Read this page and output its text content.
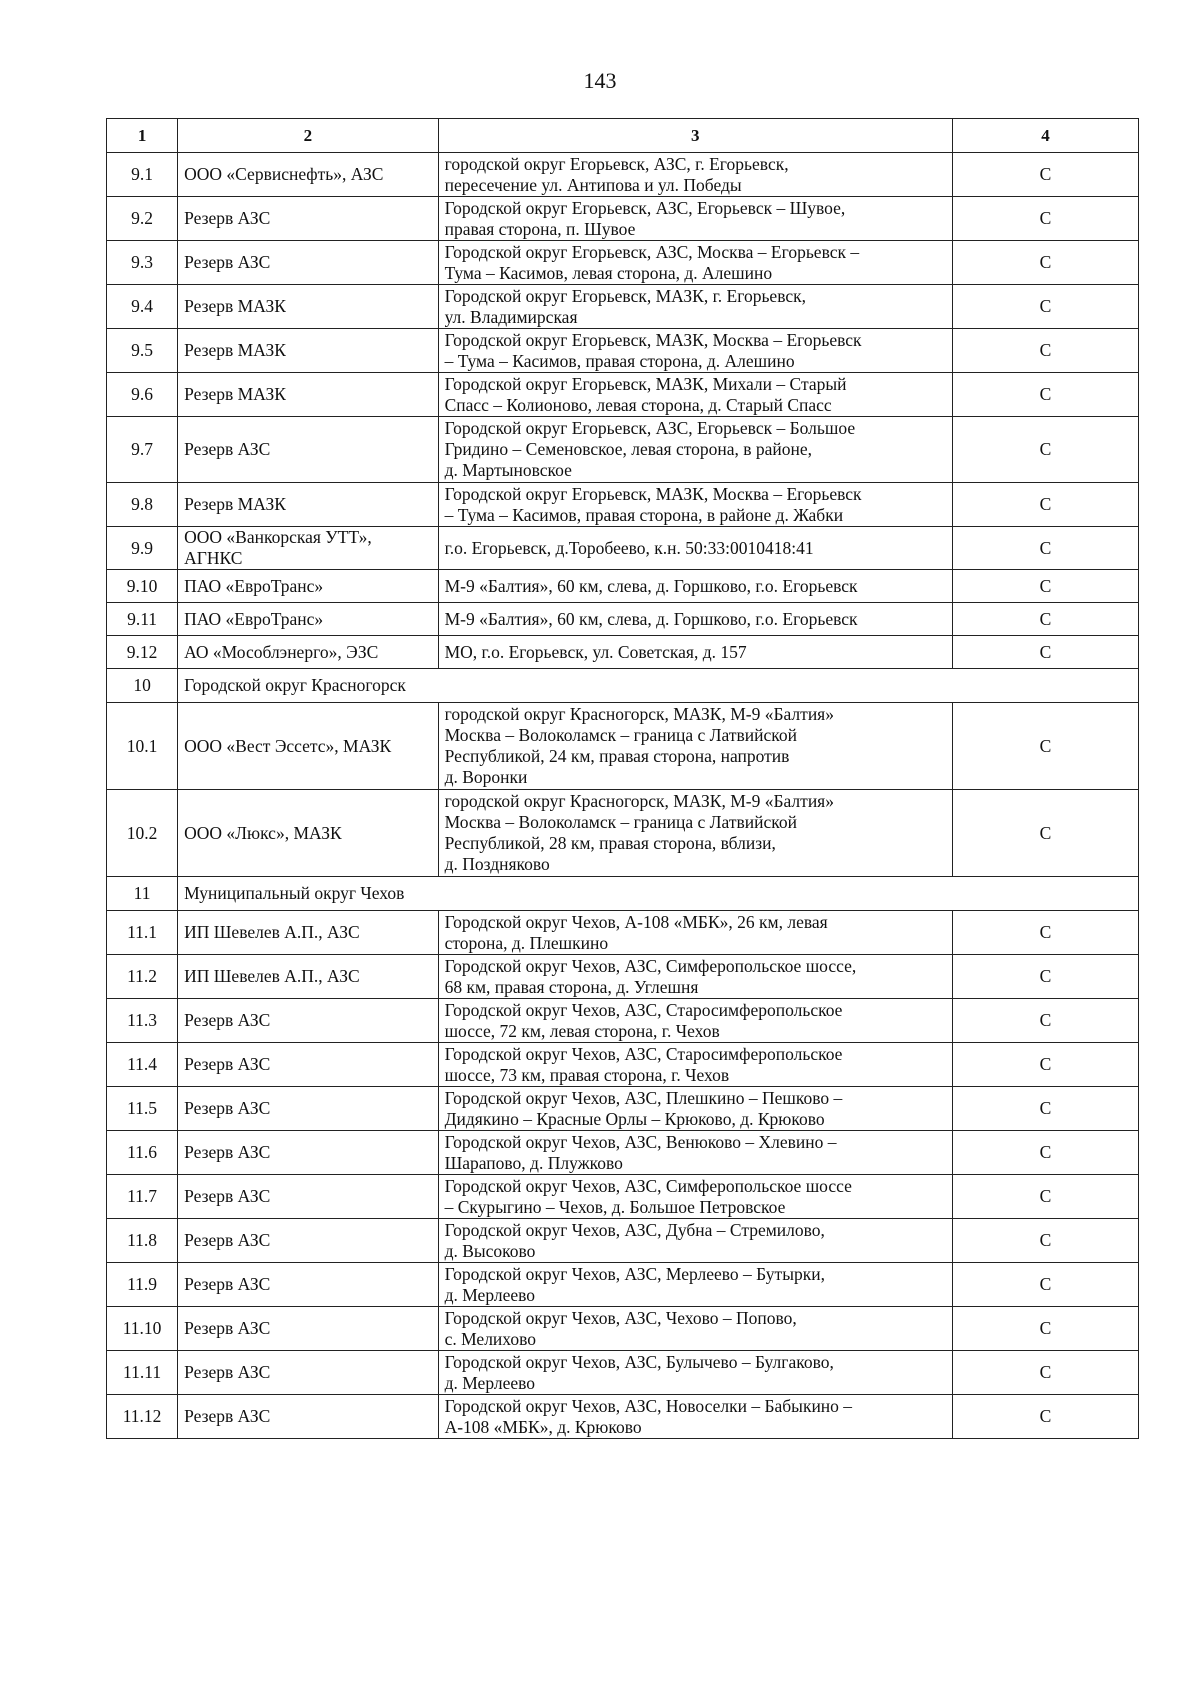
143
1	2	3	4
9.1	ООО «Сервиснефть», АЗС	городской округ Егорьевск, АЗС, г. Егорьевск,
пересечение ул. Антипова и ул. Победы	С
9.2	Резерв АЗС	Городской округ Егорьевск, АЗС, Егорьевск – Шувое,
правая сторона, п. Шувое	С
9.3	Резерв АЗС	Городской округ Егорьевск, АЗС, Москва – Егорьевск –
Тума – Касимов, левая сторона, д. Алешино	С
9.4	Резерв МАЗК	Городской округ Егорьевск, МАЗК, г. Егорьевск,
ул. Владимирская	С
9.5	Резерв МАЗК	Городской округ Егорьевск, МАЗК, Москва – Егорьевск
– Тума – Касимов, правая сторона, д. Алешино	С
9.6	Резерв МАЗК	Городской округ Егорьевск, МАЗК, Михали – Старый
Спасс – Колионово, левая сторона, д. Старый Спасс	С
9.7	Резерв АЗС	Городской округ Егорьевск, АЗС, Егорьевск – Большое
Гридино – Семеновское, левая сторона, в районе,
д. Мартыновское	С
9.8	Резерв МАЗК	Городской округ Егорьевск, МАЗК, Москва – Егорьевск
– Тума – Касимов, правая сторона, в районе д. Жабки	С
9.9	ООО «Ванкорская УТТ», АГНКС	г.о. Егорьевск, д.Торобеево, к.н. 50:33:0010418:41	С
9.10	ПАО «ЕвроТранс»	М-9 «Балтия», 60 км, слева, д. Горшково, г.о. Егорьевск	С
9.11	ПАО «ЕвроТранс»	М-9 «Балтия», 60 км, слева, д. Горшково, г.о. Егорьевск	С
9.12	АО «Мособлэнерго», ЭЗС	МО, г.о. Егорьевск, ул. Советская, д. 157	С
10	Городской округ Красногорск		
10.1	ООО «Вест Эссетс», МАЗК	городской округ Красногорск, МАЗК, М-9 «Балтия»
Москва – Волоколамск – граница с Латвийской
Республикой, 24 км, правая сторона, напротив
д. Воронки	С
10.2	ООО «Люкс», МАЗК	городской округ Красногорск, МАЗК, М-9 «Балтия»
Москва – Волоколамск – граница с Латвийской
Республикой, 28 км, правая сторона, вблизи,
д. Поздняково	С
11	Муниципальный округ Чехов		
11.1	ИП Шевелев А.П., АЗС	Городской округ Чехов, А-108 «МБК», 26 км, левая
сторона, д. Плешкино	С
11.2	ИП Шевелев А.П., АЗС	Городской округ Чехов, АЗС, Симферопольское шоссе,
68 км, правая сторона, д. Углешня	С
11.3	Резерв АЗС	Городской округ Чехов, АЗС, Старосимферопольское
шоссе, 72 км, левая сторона, г. Чехов	С
11.4	Резерв АЗС	Городской округ Чехов, АЗС, Старосимферопольское
шоссе, 73 км, правая сторона, г. Чехов	С
11.5	Резерв АЗС	Городской округ Чехов, АЗС, Плешкино – Пешково –
Дидякино – Красные Орлы – Крюково, д. Крюково	С
11.6	Резерв АЗС	Городской округ Чехов, АЗС, Венюково – Хлевино –
Шарапово, д. Плужково	С
11.7	Резерв АЗС	Городской округ Чехов, АЗС, Симферопольское шоссе
– Скурыгино – Чехов, д. Большое Петровское	С
11.8	Резерв АЗС	Городской округ Чехов, АЗС, Дубна – Стремилово,
д. Высоково	С
11.9	Резерв АЗС	Городской округ Чехов, АЗС, Мерлеево – Бутырки,
д. Мерлеево	С
11.10	Резерв АЗС	Городской округ Чехов, АЗС, Чехово – Попово,
с. Мелихово	С
11.11	Резерв АЗС	Городской округ Чехов, АЗС, Булычево – Булгаково,
д. Мерлеево	С
11.12	Резерв АЗС	Городской округ Чехов, АЗС, Новоселки – Бабыкино –
А-108 «МБК», д. Крюково	С
